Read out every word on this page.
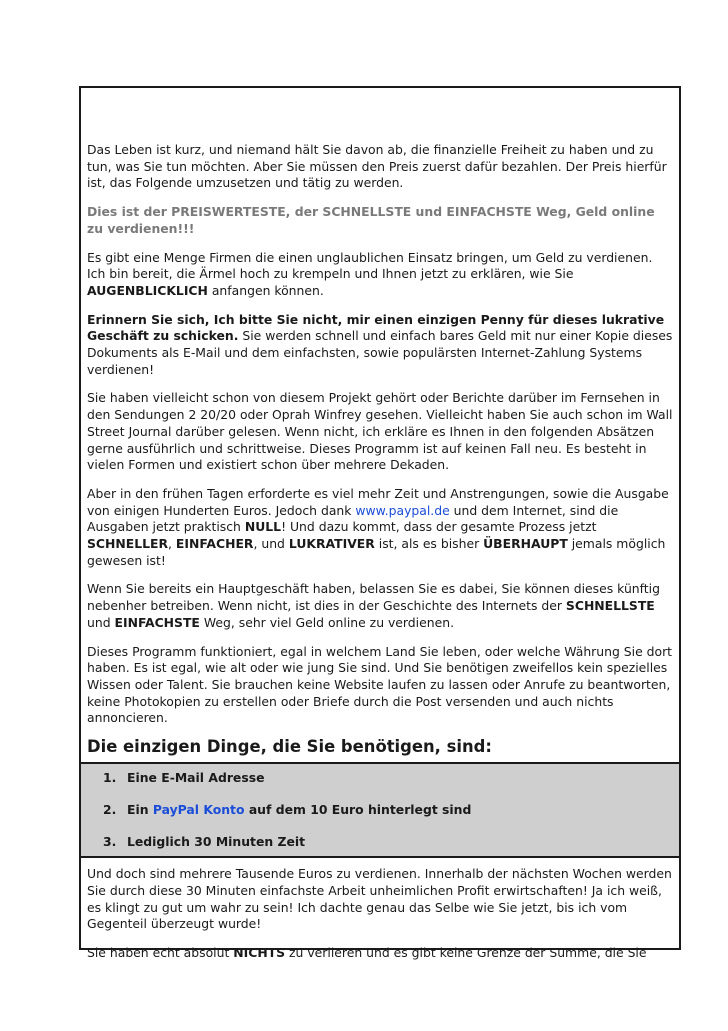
Das Leben ist kurz, und niemand hält Sie davon ab, die finanzielle Freiheit zu haben und zu tun, was Sie tun möchten. Aber Sie müssen den Preis zuerst dafür bezahlen. Der Preis hierfür ist, das Folgende umzusetzen und tätig zu werden.

Dies ist der PREISWERTESTE, der SCHNELLSTE und EINFACHSTE Weg, Geld online zu verdienen!!!

Es gibt eine Menge Firmen die einen unglaublichen Einsatz bringen, um Geld zu verdienen. Ich bin bereit, die Ärmel hoch zu krempeln und Ihnen jetzt zu erklären, wie Sie AUGENBLICKLICH anfangen können.

Erinnern Sie sich, Ich bitte Sie nicht, mir einen einzigen Penny für dieses lukrative Geschäft zu schicken. Sie werden schnell und einfach bares Geld mit nur einer Kopie dieses Dokuments als E-Mail und dem einfachsten, sowie populärsten Internet-Zahlung Systems verdienen!

Sie haben vielleicht schon von diesem Projekt gehört oder Berichte darüber im Fernsehen in den Sendungen 2 20/20 oder Oprah Winfrey gesehen. Vielleicht haben Sie auch schon im Wall Street Journal darüber gelesen. Wenn nicht, ich erkläre es Ihnen in den folgenden Absätzen gerne ausführlich und schrittweise. Dieses Programm ist auf keinen Fall neu. Es besteht in vielen Formen und existiert schon über mehrere Dekaden.

Aber in den frühen Tagen erforderte es viel mehr Zeit und Anstrengungen, sowie die Ausgabe von einigen Hunderten Euros. Jedoch dank www.paypal.de und dem Internet, sind die Ausgaben jetzt praktisch NULL! Und dazu kommt, dass der gesamte Prozess jetzt SCHNELLER, EINFACHER, und LUKRATIVER ist, als es bisher ÜBERHAUPT jemals möglich gewesen ist!

Wenn Sie bereits ein Hauptgeschäft haben, belassen Sie es dabei, Sie können dieses künftig nebenher betreiben. Wenn nicht, ist dies in der Geschichte des Internets der SCHNELLSTE und EINFACHSTE Weg, sehr viel Geld online zu verdienen.

Dieses Programm funktioniert, egal in welchem Land Sie leben, oder welche Währung Sie dort haben. Es ist egal, wie alt oder wie jung Sie sind. Und Sie benötigen zweifellos kein spezielles Wissen oder Talent. Sie brauchen keine Website laufen zu lassen oder Anrufe zu beantworten, keine Photokopien zu erstellen oder Briefe durch die Post versenden und auch nichts annoncieren.

Die einzigen Dinge, die Sie benötigen, sind:
1. Eine E-Mail Adresse
2. Ein PayPal Konto auf dem 10 Euro hinterlegt sind
3. Lediglich 30 Minuten Zeit

Und doch sind mehrere Tausende Euros zu verdienen. Innerhalb der nächsten Wochen werden Sie durch diese 30 Minuten einfachste Arbeit unheimlichen Profit erwirtschaften! Ja ich weiß, es klingt zu gut um wahr zu sein! Ich dachte genau das Selbe wie Sie jetzt, bis ich vom Gegenteil überzeugt wurde!

Sie haben echt absolut NICHTS zu verlieren und es gibt keine Grenze der Summe, die Sie
